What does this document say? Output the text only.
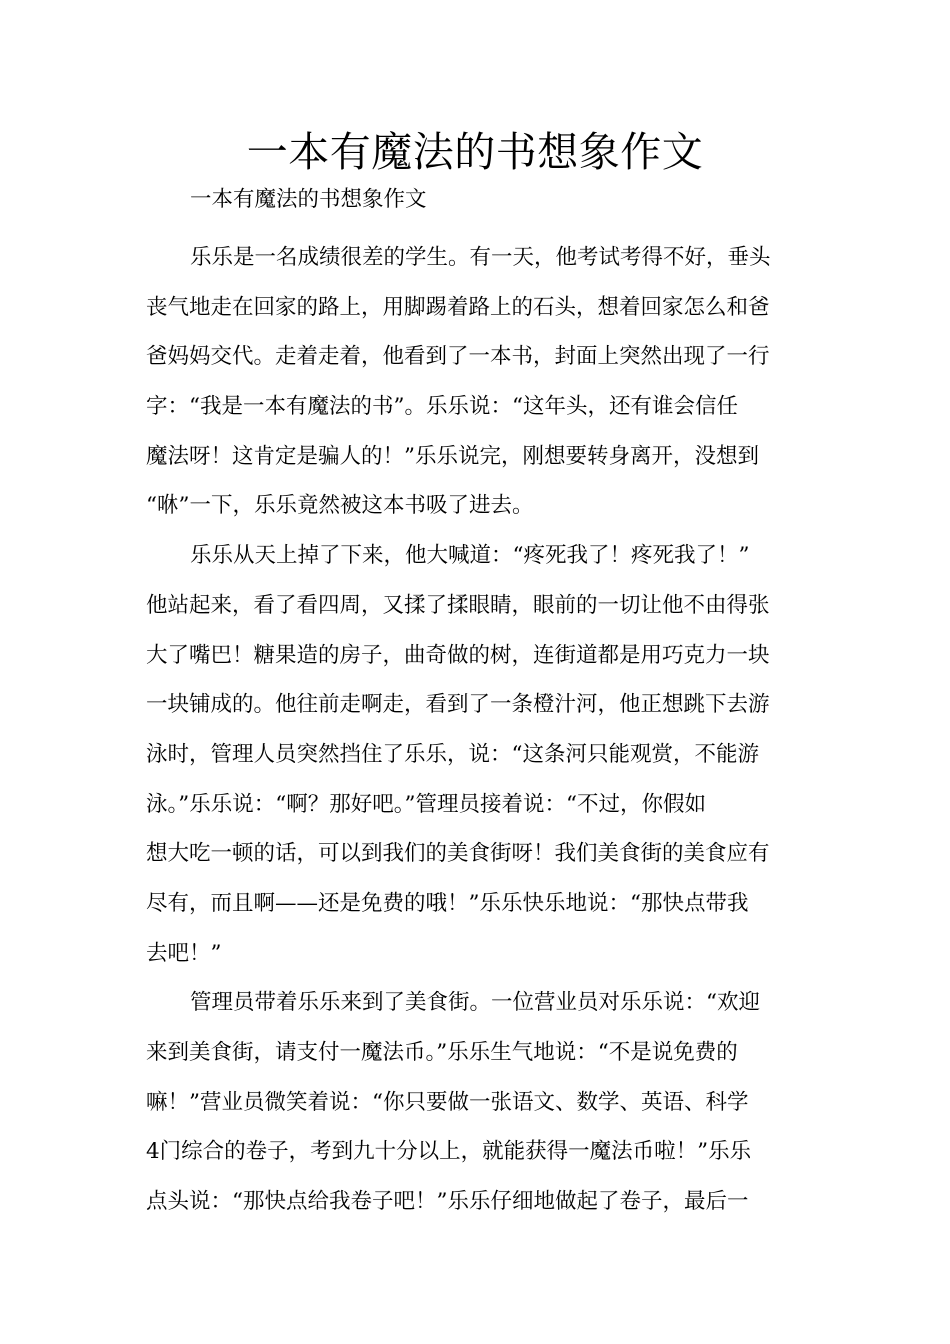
一本有魔法的书想象作文
一本有魔法的书想象作文
乐乐是一名成绩很差的学生。有一天，他考试考得不好，垂头
丧气地走在回家的路上，用脚踢着路上的石头，想着回家怎么和爸
爸妈妈交代。走着走着，他看到了一本书，封面上突然出现了一行
字：“我是一本有魔法的书”。乐乐说：“这年头，还有谁会信任
魔法呀！这肯定是骗人的！”乐乐说完，刚想要转身离开，没想到
“咻”一下，乐乐竟然被这本书吸了进去。
乐乐从天上掉了下来，他大喊道：“疼死我了！疼死我了！”
他站起来，看了看四周，又揉了揉眼睛，眼前的一切让他不由得张
大了嘴巴！糖果造的房子，曲奇做的树，连街道都是用巧克力一块
一块铺成的。他往前走啊走，看到了一条橙汁河，他正想跳下去游
泳时，管理人员突然挡住了乐乐，说：“这条河只能观赏，不能游
泳。”乐乐说：“啊？那好吧。”管理员接着说：“不过，你假如
想大吃一顿的话，可以到我们的美食街呀！我们美食街的美食应有
尽有，而且啊——还是免费的哦！”乐乐快乐地说：“那快点带我
去吧！”
管理员带着乐乐来到了美食街。一位营业员对乐乐说：“欢迎
来到美食街，请支付一魔法币。”乐乐生气地说：“不是说免费的
嘛！”营业员微笑着说：“你只要做一张语文、数学、英语、科学
4门综合的卷子，考到九十分以上，就能获得一魔法币啦！”乐乐
点头说：“那快点给我卷子吧！”乐乐仔细地做起了卷子，最后一
